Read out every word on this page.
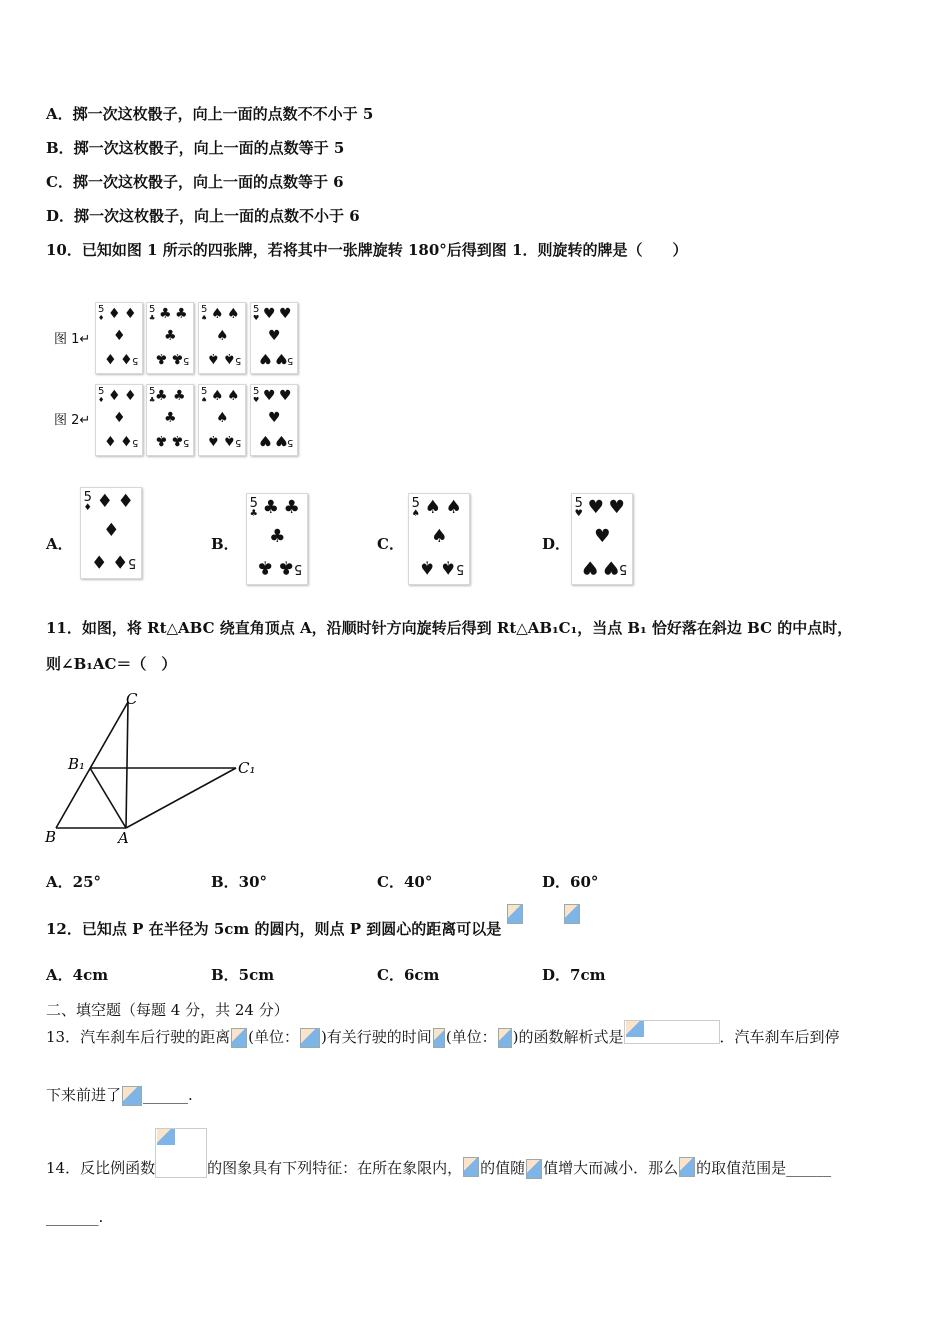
A．掷一次这枚骰子，向上一面的点数不不小于 5
B．掷一次这枚骰子，向上一面的点数等于 5
C．掷一次这枚骰子，向上一面的点数等于 6
D．掷一次这枚骰子，向上一面的点数不小于 6
10．已知如图 1 所示的四张牌，若将其中一张牌旋转 180°后得到图 1．则旋转的牌是（　　）
图 1↵
图 2↵
5
♦
5
♦ ♦
♦
♦ ♦
5
♣
5
♣ ♣
♣
♣ ♣
5
♠
5
♠ ♠
♠
♠ ♠
5
♥
5
♥ ♥
♥
♥ ♥
5
♦
5
♦ ♦
♦
♦ ♦
5
♣
5
♣ ♣
♣
♣ ♣
5
♠
5
♠ ♠
♠
♠ ♠
5
♥
5
♥ ♥
♥
♥ ♥
A．	B．	C．	D．
5
♦
5
♦ ♦
♦
♦ ♦
5
♣
5
♣ ♣
♣
♣ ♣
5
♠
5
♠ ♠
♠
♠ ♠
5
♥
5
♥ ♥
♥
♥ ♥
11．如图，将 Rt△ABC 绕直角顶点 A，沿顺时针方向旋转后得到 Rt△AB₁C₁，当点 B₁ 恰好落在斜边 BC 的中点时，
则∠B₁AC＝（　）
C
B₁	C₁
B	A
A．25°	B．30°	C．40°	D．60°
12．已知点 P 在半径为 5cm 的圆内，则点 P 到圆心的距离可以是
A．4cm	B．5cm	C．6cm	D．7cm
二、填空题（每题 4 分，共 24 分）
13．汽车刹车后行驶的距离 (单位： )有关行驶的时间 (单位： )的函数解析式是	．汽车刹车后到停
下来前进了 ______.
14．反比例函数	的图象具有下列特征：在所在象限内， 的值随 值增大而减小．那么 的取值范围是______
_______.
